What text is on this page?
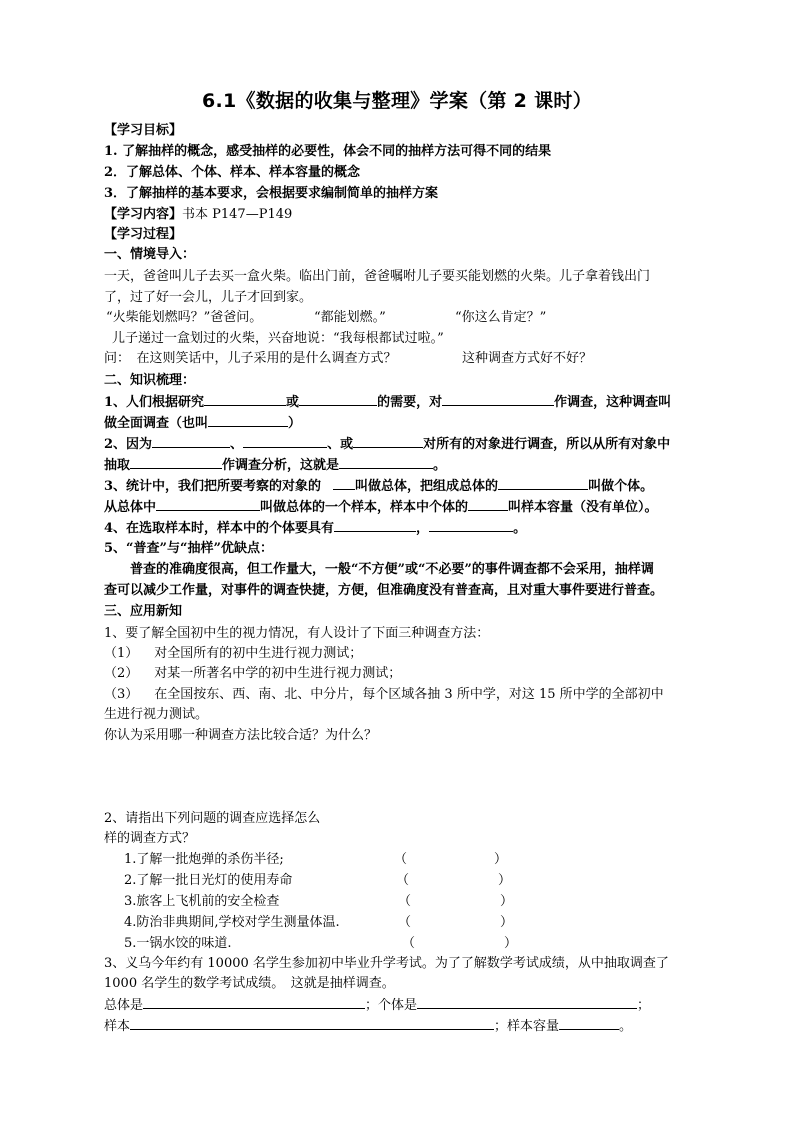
6.1《数据的收集与整理》学案（第 2 课时）
【学习目标】
1. 了解抽样的概念，感受抽样的必要性，体会不同的抽样方法可得不同的结果
2．了解总体、个体、样本、样本容量的概念
3．了解抽样的基本要求，会根据要求编制简单的抽样方案
【学习内容】书本 P147—P149
【学习过程】
一、情境导入：
一天，爸爸叫儿子去买一盒火柴。临出门前，爸爸嘱咐儿子要买能划燃的火柴。儿子拿着钱出门
了，过了好一会儿，儿子才回到家。
“火柴能划燃吗？”爸爸问。	“都能划燃。”	“你这么肯定？”
儿子递过一盒划过的火柴，兴奋地说：“我每根都试过啦。”
问：　在这则笑话中，儿子采用的是什么调查方式？	这种调查方式好不好？
二、知识梳理：
1、人们根据研究	或	的需要，对	作调查，这种调查叫
做全面调查（也叫	）
2、因为	、	、或	对所有的对象进行调查，所以从所有对象中
抽取	作调查分析，这就是	。
3、统计中，我们把所要考察的对象的	叫做总体，把组成总体的	叫做个体。
从总体中	叫做总体的一个样本，样本中个体的	叫样本容量（没有单位）。
4、在选取样本时，样本中的个体要具有	，	。
5、“普查”与“抽样”优缺点：
普查的准确度很高，但工作量大，一般“不方便”或“不必要”的事件调查都不会采用，抽样调
查可以减少工作量，对事件的调查快捷，方便，但准确度没有普查高，且对重大事件要进行普查。
三、应用新知
1、要了解全国初中生的视力情况，有人设计了下面三种调查方法：
（1） 对全国所有的初中生进行视力测试；
（2） 对某一所著名中学的初中生进行视力测试；
（3） 在全国按东、西、南、北、中分片，每个区域各抽 3 所中学，对这 15 所中学的全部初中
生进行视力测试。
你认为采用哪一种调查方法比较合适？为什么？
2、请指出下列问题的调查应选择怎么
样的调查方式？
1.了解一批炮弹的杀伤半径;	（	）
2.了解一批日光灯的使用寿命	（	）
3.旅客上飞机前的安全检查	（	）
4.防治非典期间,学校对学生测量体温.	（	）
5.一锅水饺的味道.	（	）
3、义乌今年约有 10000 名学生参加初中毕业升学考试。为了了解数学考试成绩，从中抽取调查了
1000 名学生的数学考试成绩。　这就是抽样调查。
总体是	；个体是	；
样本	；样本容量	。
